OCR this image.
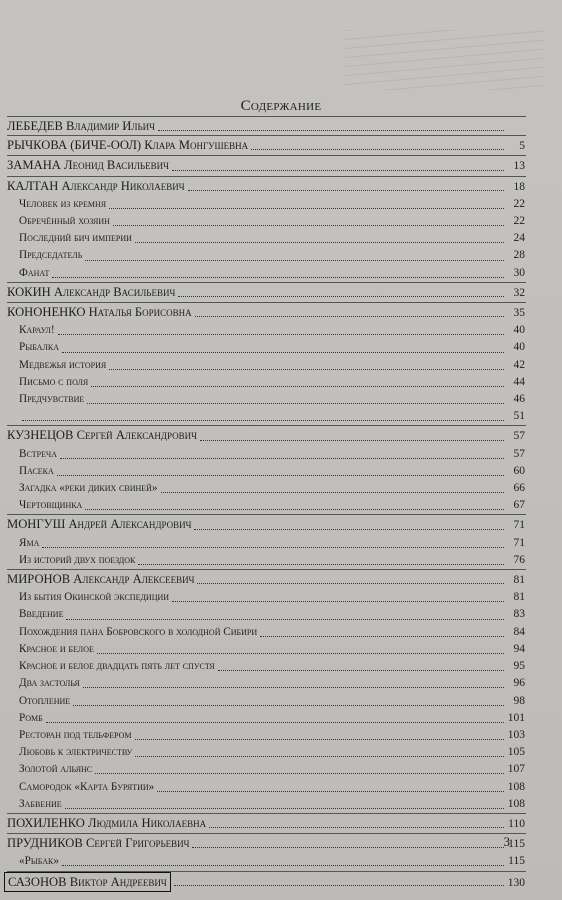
Содержание
ЛЕБЕДЕВ Владимир Ильич
РЫЧКОВА (БИЧЕ-ООЛ) Клара Монгушевна	5
ЗАМАНА Леонид Васильевич	13
КАЛТАН Александр Николаевич	18
Человек из кремня	22
Обречённый хозяин	22
Последний бич империи	24
Председатель	28
Фанат	30
КОКИН Александр Васильевич	32
КОНОНЕНКО Наталья Борисовна	35
Караул!	40
Рыбалка	40
Медвежья история	42
Письмо с поля	44
Предчувствие	46
51
КУЗНЕЦОВ Сергей Александрович	57
Встреча	57
Пасека	60
Загадка «реки диких свиней»	66
Чертовщинка	67
МОНГУШ Андрей Александрович	71
Яма	71
Из историй двух поездок	76
МИРОНОВ Александр Алексеевич	81
Из бытия Окинской экспедиции	81
Введение	83
Похождения пана Бобровского в холодной Сибири	84
Красное и белое	94
Красное и белое двадцать пять лет спустя	95
Два застолья	96
Отопление	98
Ромб	101
Ресторан под тельфером	103
Любовь к электричеству	105
Золотой альянс	107
Самородок «Карта Бурятии»	108
Забвение	108
ПОХИЛЕНКО Людмила Николаевна	110
ПРУДНИКОВ Сергей Григорьевич	115
«Рыбак»	115
САЗОНОВ Виктор Андреевич	130
3
